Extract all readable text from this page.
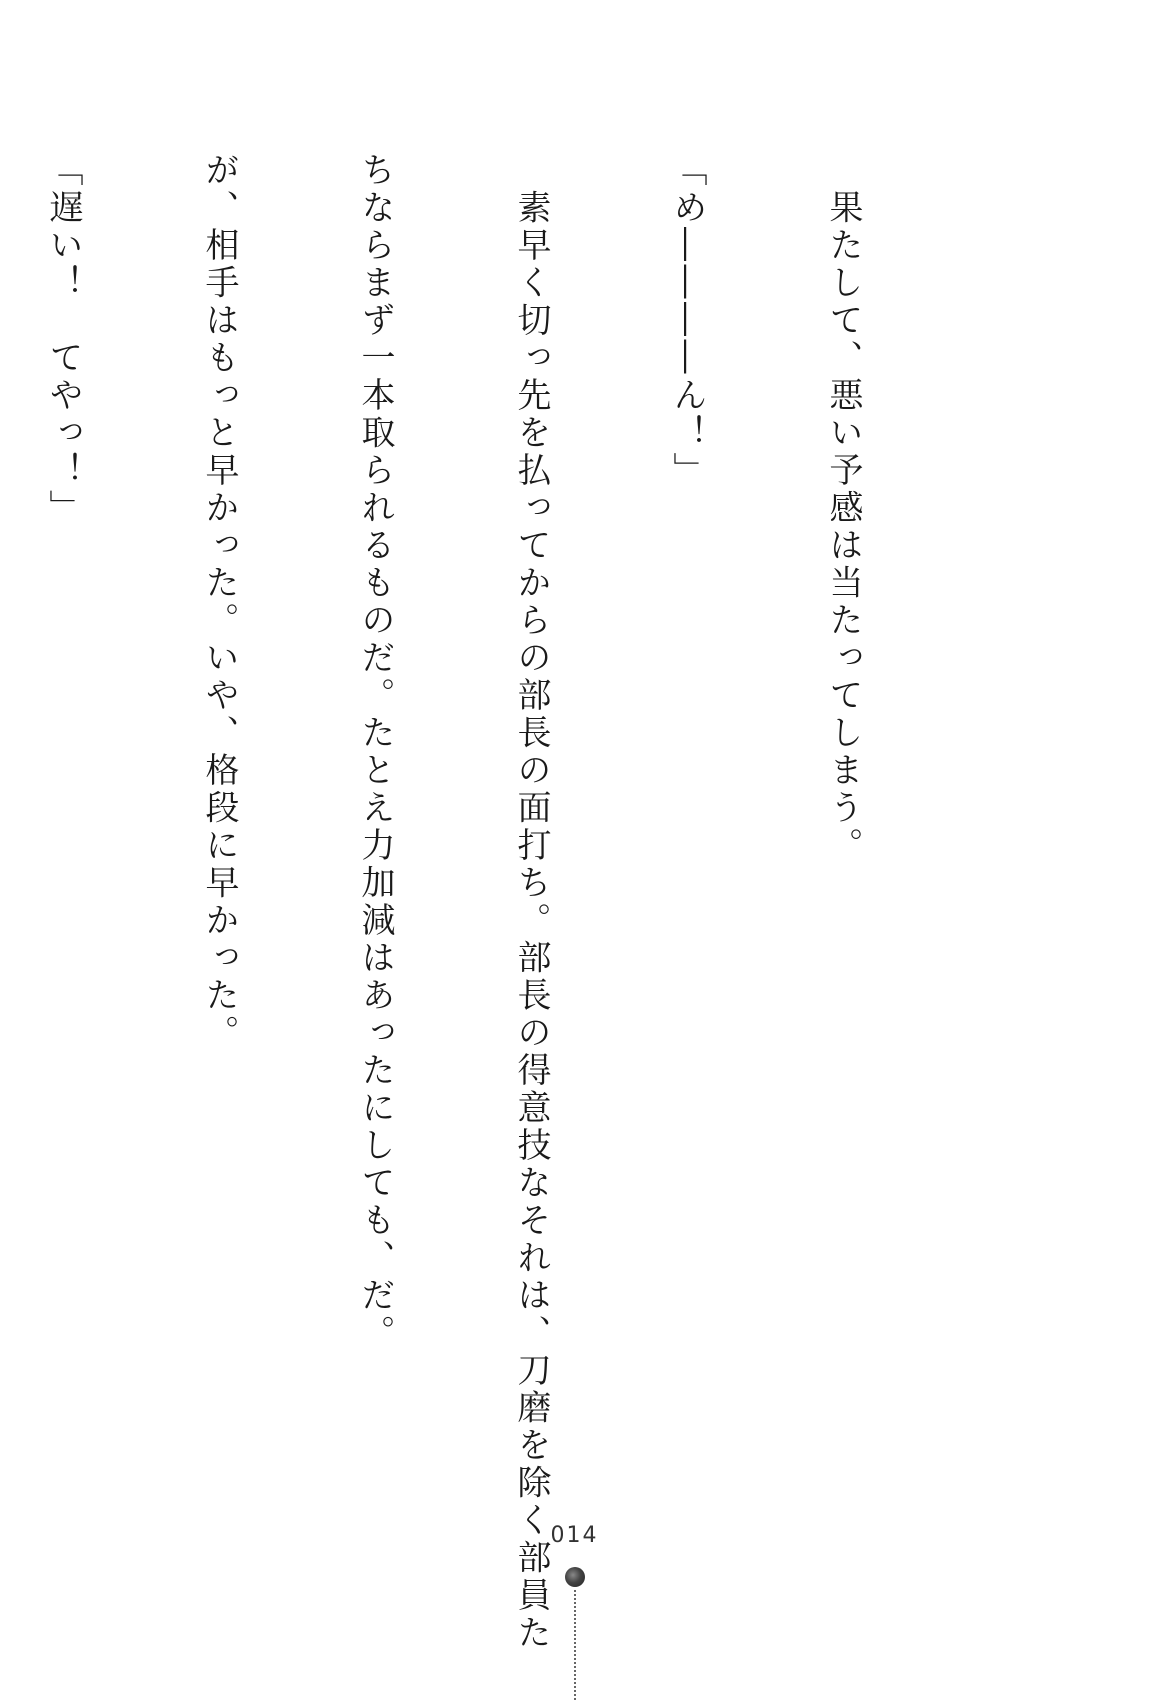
　果たして、悪い予感は当たってしまう。

「め――――ん！」

　素早く切っ先を払ってからの部長の面打ち。部長の得意技なそれは、刀磨を除く部員た

ちならまず一本取られるものだ。たとえ力加減はあったにしても、だ。

が、相手はもっと早かった。いや、格段に早かった。

「遅い！　てやっ！」

014
